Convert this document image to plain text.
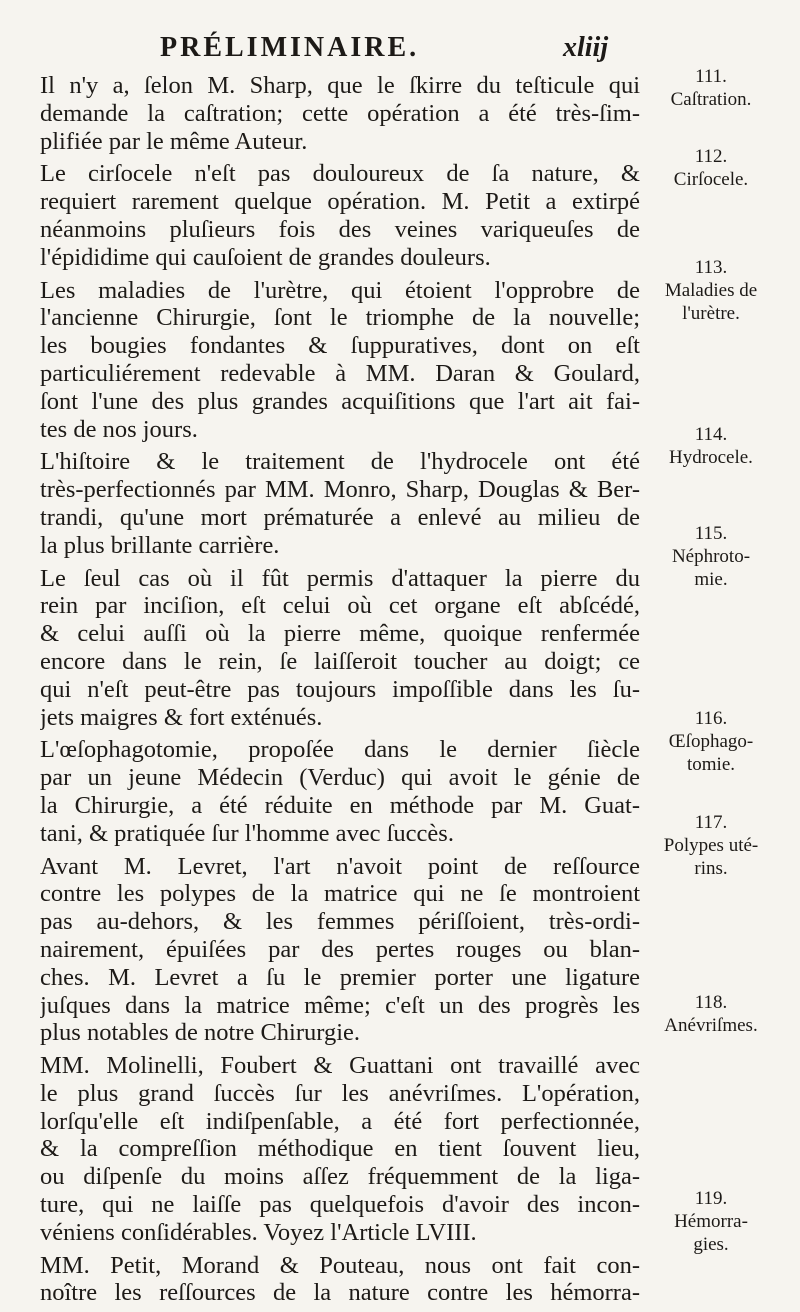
PRÉLIMINAIRE.	xliij
Il n'y a, ſelon M. Sharp, que le ſkirre du teſticule qui
demande la caſtration; cette opération a été très-ſim-
plifiée par le même Auteur.
Le cirſocele n'eſt pas douloureux de ſa nature, &
requiert rarement quelque opération. M. Petit a extirpé
néanmoins pluſieurs fois des veines variqueuſes de
l'épididime qui cauſoient de grandes douleurs.
Les maladies de l'urètre, qui étoient l'opprobre de
l'ancienne Chirurgie, ſont le triomphe de la nouvelle;
les bougies fondantes & ſuppuratives, dont on eſt
particuliérement redevable à MM. Daran & Goulard,
ſont l'une des plus grandes acquiſitions que l'art ait fai-
tes de nos jours.
L'hiſtoire & le traitement de l'hydrocele ont été
très-perfectionnés par MM. Monro, Sharp, Douglas & Ber-
trandi, qu'une mort prématurée a enlevé au milieu de
la plus brillante carrière.
Le ſeul cas où il fût permis d'attaquer la pierre du
rein par inciſion, eſt celui où cet organe eſt abſcédé,
& celui auſſi où la pierre même, quoique renfermée
encore dans le rein, ſe laiſſeroit toucher au doigt; ce
qui n'eſt peut-être pas toujours impoſſible dans les ſu-
jets maigres & fort exténués.
L'œſophagotomie, propoſée dans le dernier ſiècle
par un jeune Médecin (Verduc) qui avoit le génie de
la Chirurgie, a été réduite en méthode par M. Guat-
tani, & pratiquée ſur l'homme avec ſuccès.
Avant M. Levret, l'art n'avoit point de reſſource
contre les polypes de la matrice qui ne ſe montroient
pas au-dehors, & les femmes périſſoient, très-ordi-
nairement, épuiſées par des pertes rouges ou blan-
ches. M. Levret a ſu le premier porter une ligature
juſques dans la matrice même; c'eſt un des progrès les
plus notables de notre Chirurgie.
MM. Molinelli, Foubert & Guattani ont travaillé avec
le plus grand ſuccès ſur les anévriſmes. L'opération,
lorſqu'elle eſt indiſpenſable, a été fort perfectionnée,
& la compreſſion méthodique en tient ſouvent lieu,
ou diſpenſe du moins aſſez fréquemment de la liga-
ture, qui ne laiſſe pas quelquefois d'avoir des incon-
véniens conſidérables. Voyez l'Article LVIII.
MM. Petit, Morand & Pouteau, nous ont fait con-
noître les reſſources de la nature contre les hémorra-
111.
Caſtration.
112.
Cirſocele.
113.
Maladies de
l'urètre.
114.
Hydrocele.
115.
Néphroto-
mie.
116.
Œſophago-
tomie.
117.
Polypes uté-
rins.
118.
Anévriſmes.
119.
Hémorra-
gies.
